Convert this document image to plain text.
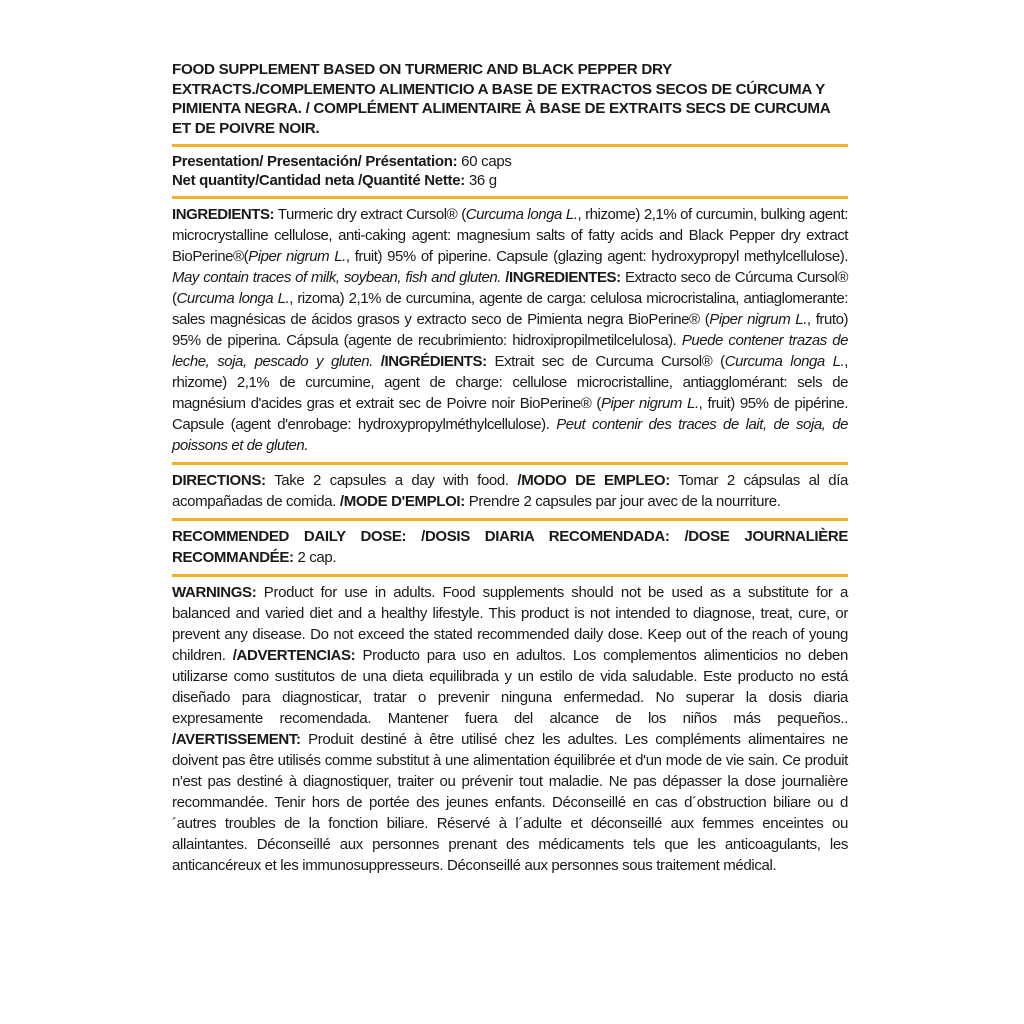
FOOD SUPPLEMENT BASED ON TURMERIC AND BLACK PEPPER DRY EXTRACTS./COMPLEMENTO ALIMENTICIO A BASE DE EXTRACTOS SECOS DE CÚRCUMA Y PIMIENTA NEGRA. / COMPLÉMENT ALIMENTAIRE À BASE DE EXTRAITS SECS DE CURCUMA ET DE POIVRE NOIR.
Presentation/ Presentación/ Présentation: 60 caps
Net quantity/Cantidad neta /Quantité Nette: 36 g
INGREDIENTS: Turmeric dry extract Cursol® (Curcuma longa L., rhizome) 2,1% of curcumin, bulking agent: microcrystalline cellulose, anti-caking agent: magnesium salts of fatty acids and Black Pepper dry extract BioPerine®(Piper nigrum L., fruit) 95% of piperine. Capsule (glazing agent: hydroxypropyl methylcellulose). May contain traces of milk, soybean, fish and gluten. /INGREDIENTES: Extracto seco de Cúrcuma Cursol® (Curcuma longa L., rizoma) 2,1% de curcumina, agente de carga: celulosa microcristalina, antiaglomerante: sales magnésicas de ácidos grasos y extracto seco de Pimienta negra BioPerine® (Piper nigrum L., fruto) 95% de piperina. Cápsula (agente de recubrimiento: hidroxipropilmetilcelulosa). Puede contener trazas de leche, soja, pescado y gluten. /INGRÉDIENTS: Extrait sec de Curcuma Cursol® (Curcuma longa L., rhizome) 2,1% de curcumine, agent de charge: cellulose microcristalline, antiagglomérant: sels de magnésium d'acides gras et extrait sec de Poivre noir BioPerine® (Piper nigrum L., fruit) 95% de pipérine. Capsule (agent d'enrobage: hydroxypropylméthylcellulose). Peut contenir des traces de lait, de soja, de poissons et de gluten.
DIRECTIONS: Take 2 capsules a day with food. /MODO DE EMPLEO: Tomar 2 cápsulas al día acompañadas de comida. /MODE D'EMPLOI: Prendre 2 capsules par jour avec de la nourriture.
RECOMMENDED DAILY DOSE: /DOSIS DIARIA RECOMENDADA: /DOSE JOURNALIÈRE RECOMMANDÉE: 2 cap.
WARNINGS: Product for use in adults. Food supplements should not be used as a substitute for a balanced and varied diet and a healthy lifestyle. This product is not intended to diagnose, treat, cure, or prevent any disease. Do not exceed the stated recommended daily dose. Keep out of the reach of young children. /ADVERTENCIAS: Producto para uso en adultos. Los complementos alimenticios no deben utilizarse como sustitutos de una dieta equilibrada y un estilo de vida saludable. Este producto no está diseñado para diagnosticar, tratar o prevenir ninguna enfermedad. No superar la dosis diaria expresamente recomendada. Mantener fuera del alcance de los niños más pequeños.. /AVERTISSEMENT: Produit destiné à être utilisé chez les adultes. Les compléments alimentaires ne doivent pas être utilisés comme substitut à une alimentation équilibrée et d'un mode de vie sain. Ce produit n'est pas destiné à diagnostiquer, traiter ou prévenir tout maladie. Ne pas dépasser la dose journalière recommandée. Tenir hors de portée des jeunes enfants. Déconseillé en cas d´obstruction biliare ou d´autres troubles de la fonction biliare. Réservé à l´adulte et déconseillé aux femmes enceintes ou allaintantes. Déconseillé aux personnes prenant des médicaments tels que les anticoagulants, les anticancéreux et les immunosuppresseurs. Déconseillé aux personnes sous traitement médical.
